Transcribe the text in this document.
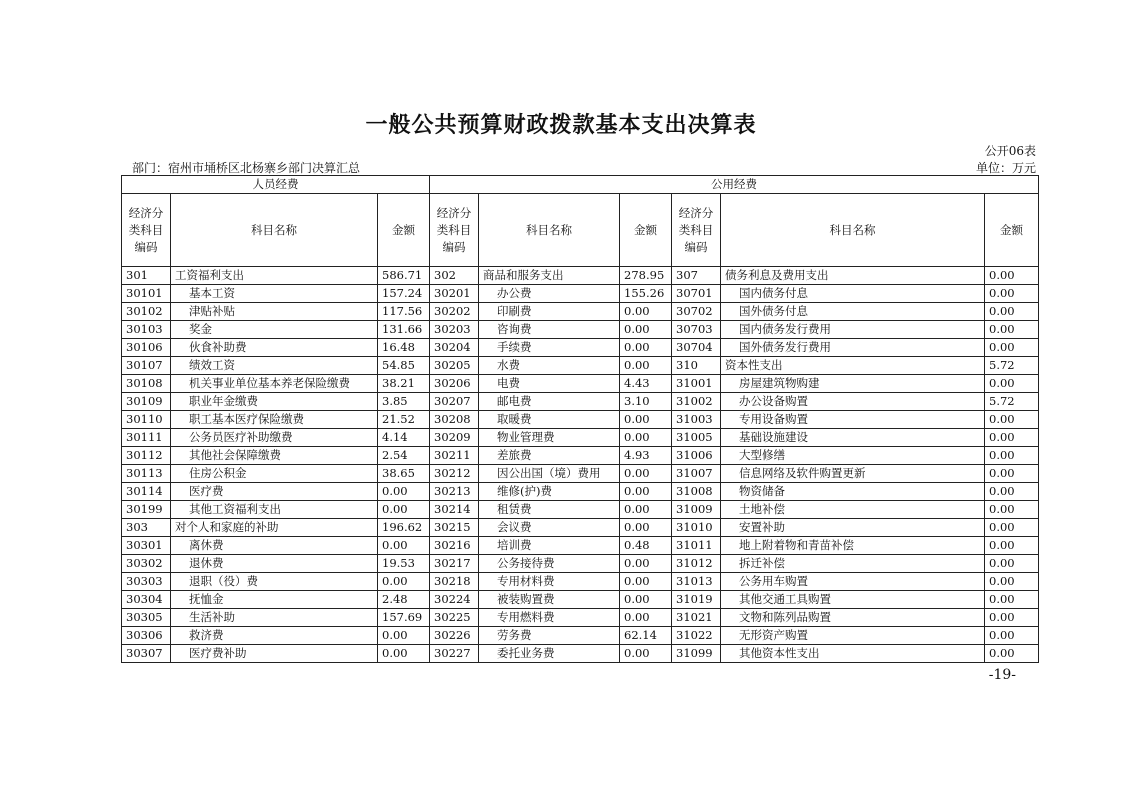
一般公共预算财政拨款基本支出决算表
公开06表
部门：宿州市埇桥区北杨寨乡部门决算汇总	单位：万元
人员经费			公用经费					
经济分类科目编码	科目名称	金额	经济分类科目编码	科目名称	金额	经济分类科目编码	科目名称	金额
301	工资福利支出	586.71	302	商品和服务支出	278.95	307	债务利息及费用支出	0.00
30101	基本工资	157.24	30201	办公费	155.26	30701	国内债务付息	0.00
30102	津贴补贴	117.56	30202	印刷费	0.00	30702	国外债务付息	0.00
30103	奖金	131.66	30203	咨询费	0.00	30703	国内债务发行费用	0.00
30106	伙食补助费	16.48	30204	手续费	0.00	30704	国外债务发行费用	0.00
30107	绩效工资	54.85	30205	水费	0.00	310	资本性支出	5.72
30108	机关事业单位基本养老保险缴费	38.21	30206	电费	4.43	31001	房屋建筑物购建	0.00
30109	职业年金缴费	3.85	30207	邮电费	3.10	31002	办公设备购置	5.72
30110	职工基本医疗保险缴费	21.52	30208	取暖费	0.00	31003	专用设备购置	0.00
30111	公务员医疗补助缴费	4.14	30209	物业管理费	0.00	31005	基础设施建设	0.00
30112	其他社会保障缴费	2.54	30211	差旅费	4.93	31006	大型修缮	0.00
30113	住房公积金	38.65	30212	因公出国（境）费用	0.00	31007	信息网络及软件购置更新	0.00
30114	医疗费	0.00	30213	维修(护)费	0.00	31008	物资储备	0.00
30199	其他工资福利支出	0.00	30214	租赁费	0.00	31009	土地补偿	0.00
303	对个人和家庭的补助	196.62	30215	会议费	0.00	31010	安置补助	0.00
30301	离休费	0.00	30216	培训费	0.48	31011	地上附着物和青苗补偿	0.00
30302	退休费	19.53	30217	公务接待费	0.00	31012	拆迁补偿	0.00
30303	退职（役）费	0.00	30218	专用材料费	0.00	31013	公务用车购置	0.00
30304	抚恤金	2.48	30224	被装购置费	0.00	31019	其他交通工具购置	0.00
30305	生活补助	157.69	30225	专用燃料费	0.00	31021	文物和陈列品购置	0.00
30306	救济费	0.00	30226	劳务费	62.14	31022	无形资产购置	0.00
30307	医疗费补助	0.00	30227	委托业务费	0.00	31099	其他资本性支出	0.00
-19-
